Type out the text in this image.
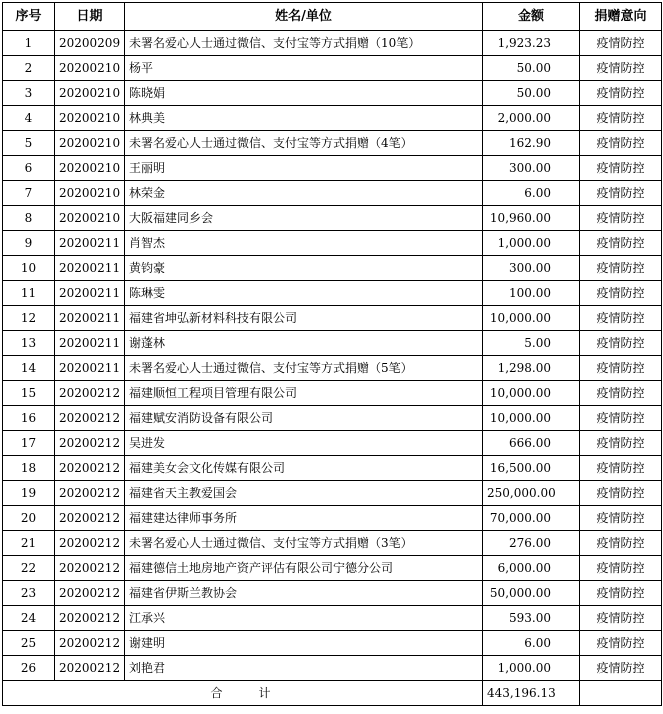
序号	日期	姓名/单位	金额	捐赠意向
1	20200209	未署名爱心人士通过微信、支付宝等方式捐赠（10笔）	1,923.23	疫情防控
2	20200210	杨平	50.00	疫情防控
3	20200210	陈晓娟	50.00	疫情防控
4	20200210	林典美	2,000.00	疫情防控
5	20200210	未署名爱心人士通过微信、支付宝等方式捐赠（4笔）	162.90	疫情防控
6	20200210	王丽明	300.00	疫情防控
7	20200210	林荣金	6.00	疫情防控
8	20200210	大阪福建同乡会	10,960.00	疫情防控
9	20200211	肖智杰	1,000.00	疫情防控
10	20200211	黄钧豪	300.00	疫情防控
11	20200211	陈琳雯	100.00	疫情防控
12	20200211	福建省坤弘新材料科技有限公司	10,000.00	疫情防控
13	20200211	谢蓬林	5.00	疫情防控
14	20200211	未署名爱心人士通过微信、支付宝等方式捐赠（5笔）	1,298.00	疫情防控
15	20200212	福建顺恒工程项目管理有限公司	10,000.00	疫情防控
16	20200212	福建赋安消防设备有限公司	10,000.00	疫情防控
17	20200212	吴进发	666.00	疫情防控
18	20200212	福建美女会文化传媒有限公司	16,500.00	疫情防控
19	20200212	福建省天主教爱国会	250,000.00	疫情防控
20	20200212	福建建达律师事务所	70,000.00	疫情防控
21	20200212	未署名爱心人士通过微信、支付宝等方式捐赠（3笔）	276.00	疫情防控
22	20200212	福建德信土地房地产资产评估有限公司宁德分公司	6,000.00	疫情防控
23	20200212	福建省伊斯兰教协会	50,000.00	疫情防控
24	20200212	江承兴	593.00	疫情防控
25	20200212	谢建明	6.00	疫情防控
26	20200212	刘艳君	1,000.00	疫情防控
合计			443,196.13	
